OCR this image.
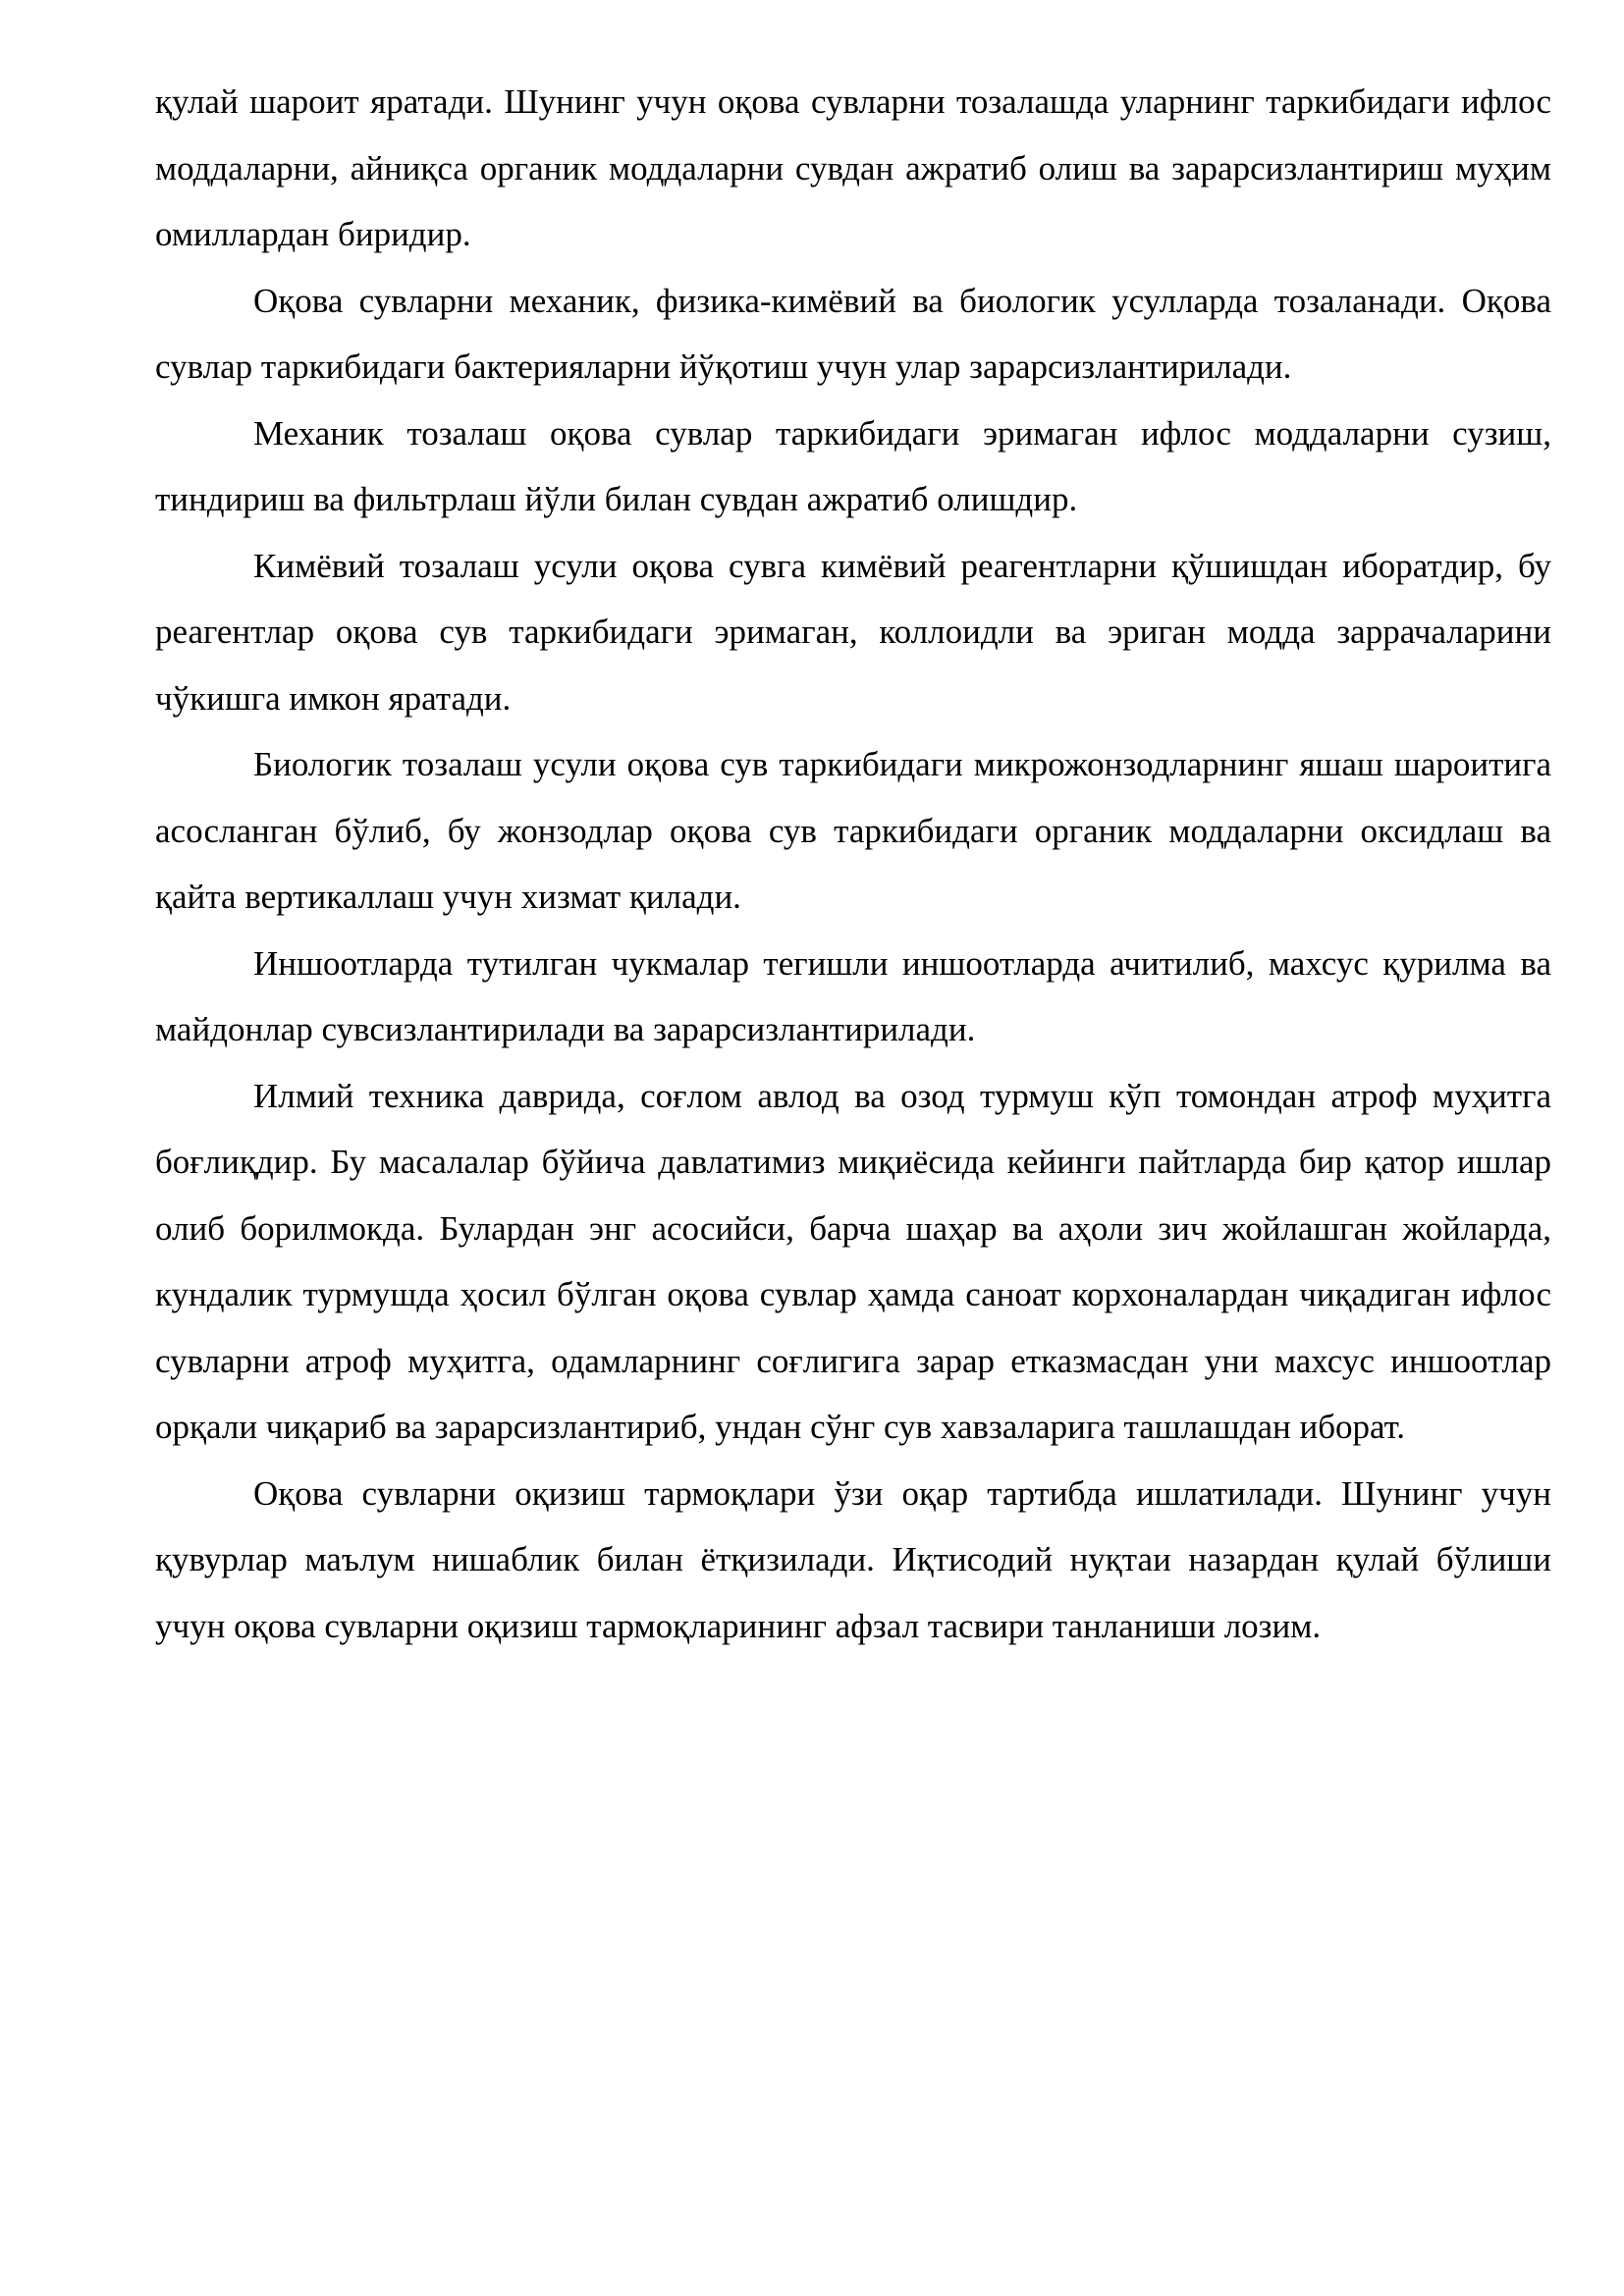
қулай шароит яратади. Шунинг учун оқова сувларни тозалашда уларнинг таркибидаги ифлос моддаларни, айниқса органик моддаларни сувдан ажратиб олиш ва зарарсизлантириш муҳим омиллардан биридир.

Оқова сувларни механик, физика-кимёвий ва биологик усулларда тозаланади. Оқова сувлар таркибидаги бактерияларни йўқотиш учун улар зарарсизлантирилади.

Механик тозалаш оқова сувлар таркибидаги эримаган ифлос моддаларни сузиш, тиндириш ва фильтрлаш йўли билан сувдан ажратиб олишдир.

Кимёвий тозалаш усули оқова сувга кимёвий реагентларни қўшишдан иборатдир, бу реагентлар оқова сув таркибидаги эримаган, коллоидли ва эриган модда заррачаларини чўкишга имкон яратади.

Биологик тозалаш усули оқова сув таркибидаги микрожонзодларнинг яшаш шароитига асосланган бўлиб, бу жонзодлар оқова сув таркибидаги органик моддаларни оксидлаш ва қайта вертикаллаш учун хизмат қилади.

Иншоотларда тутилган чукмалар тегишли иншоотларда ачитилиб, махсус қурилма ва майдонлар сувсизлантирилади ва зарарсизлантирилади.

Илмий техника даврида, соғлом авлод ва озод турмуш кўп томондан атроф муҳитга боғлиқдир. Бу масалалар бўйича давлатимиз миқиёсида кейинги пайтларда бир қатор ишлар олиб борилмокда. Булардан энг асосийси, барча шаҳар ва аҳоли зич жойлашган жойларда, кундалик турмушда ҳосил бўлган оқова сувлар ҳамда саноат корхоналардан чиқадиган ифлос сувларни атроф муҳитга, одамларнинг соғлигига зарар етказмасдан уни махсус иншоотлар орқали чиқариб ва зарарсизлантириб, ундан сўнг сув хавзаларига ташлашдан иборат.

Оқова сувларни оқизиш тармоқлари ўзи оқар тартибда ишлатилади. Шунинг учун қувурлар маълум нишаблик билан ётқизилади. Иқтисодий нуқтаи назардан қулай бўлиши учун оқова сувларни оқизиш тармоқларининг афзал тасвири танланиши лозим.
